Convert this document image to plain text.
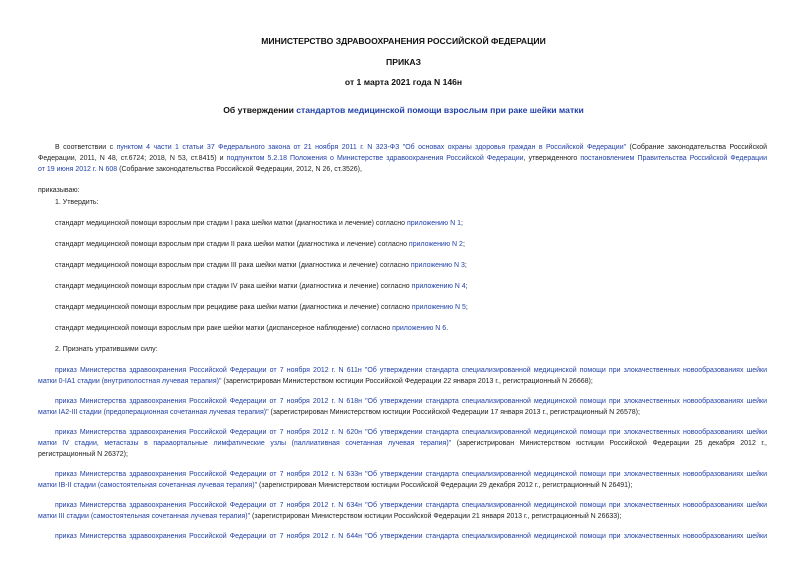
МИНИСТЕРСТВО ЗДРАВООХРАНЕНИЯ РОССИЙСКОЙ ФЕДЕРАЦИИ
ПРИКАЗ
от 1 марта 2021 года N 146н
Об утверждении стандартов медицинской помощи взрослым при раке шейки матки
В соответствии с пунктом 4 части 1 статьи 37 Федерального закона от 21 ноября 2011 г. N 323-ФЗ "Об основах охраны здоровья граждан в Российской Федерации" (Собрание законодательства Российской
Федерации, 2011, N 48, ст.6724; 2018, N 53, ст.8415) и подпунктом 5.2.18 Положения о Министерстве здравоохранения Российской Федерации, утвержденного постановлением Правительства Российской Федерации
от 19 июня 2012 г. N 608 (Собрание законодательства Российской Федерации, 2012, N 26, ст.3526),
приказываю:
1. Утвердить:
стандарт медицинской помощи взрослым при стадии I рака шейки матки (диагностика и лечение) согласно приложению N 1;
стандарт медицинской помощи взрослым при стадии II рака шейки матки (диагностика и лечение) согласно приложению N 2;
стандарт медицинской помощи взрослым при стадии III рака шейки матки (диагностика и лечение) согласно приложению N 3;
стандарт медицинской помощи взрослым при стадии IV рака шейки матки (диагностика и лечение) согласно приложению N 4;
стандарт медицинской помощи взрослым при рецидиве рака шейки матки (диагностика и лечение) согласно приложению N 5;
стандарт медицинской помощи взрослым при раке шейки матки (диспансерное наблюдение) согласно приложению N 6.
2. Признать утратившими силу:
приказ Министерства здравоохранения Российской Федерации от 7 ноября 2012 г. N 611н "Об утверждении стандарта специализированной медицинской помощи при злокачественных новообразованиях шейки
матки 0-IA1 стадии (внутриполостная лучевая терапия)" (зарегистрирован Министерством юстиции Российской Федерации 22 января 2013 г., регистрационный N 26668);
приказ Министерства здравоохранения Российской Федерации от 7 ноября 2012 г. N 618н "Об утверждении стандарта специализированной медицинской помощи при злокачественных новообразованиях шейки
матки IA2-III стадии (предоперационная сочетанная лучевая терапия)" (зарегистрирован Министерством юстиции Российской Федерации 17 января 2013 г., регистрационный N 26578);
приказ Министерства здравоохранения Российской Федерации от 7 ноября 2012 г. N 620н "Об утверждении стандарта специализированной медицинской помощи при злокачественных новообразованиях шейки
матки IV стадии, метастазы в парааортальные лимфатические узлы (паллиативная сочетанная лучевая терапия)" (зарегистрирован Министерством юстиции Российской Федерации 25 декабря 2012 г.,
регистрационный N 26372);
приказ Министерства здравоохранения Российской Федерации от 7 ноября 2012 г. N 633н "Об утверждении стандарта специализированной медицинской помощи при злокачественных новообразованиях шейки
матки IB-II стадии (самостоятельная сочетанная лучевая терапия)" (зарегистрирован Министерством юстиции Российской Федерации 29 декабря 2012 г., регистрационный N 26491);
приказ Министерства здравоохранения Российской Федерации от 7 ноября 2012 г. N 634н "Об утверждении стандарта специализированной медицинской помощи при злокачественных новообразованиях шейки
матки III стадии (самостоятельная сочетанная лучевая терапия)" (зарегистрирован Министерством юстиции Российской Федерации 21 января 2013 г., регистрационный N 26633);
приказ Министерства здравоохранения Российской Федерации от 7 ноября 2012 г. N 644н "Об утверждении стандарта специализированной медицинской помощи при злокачественных новообразованиях шейки
